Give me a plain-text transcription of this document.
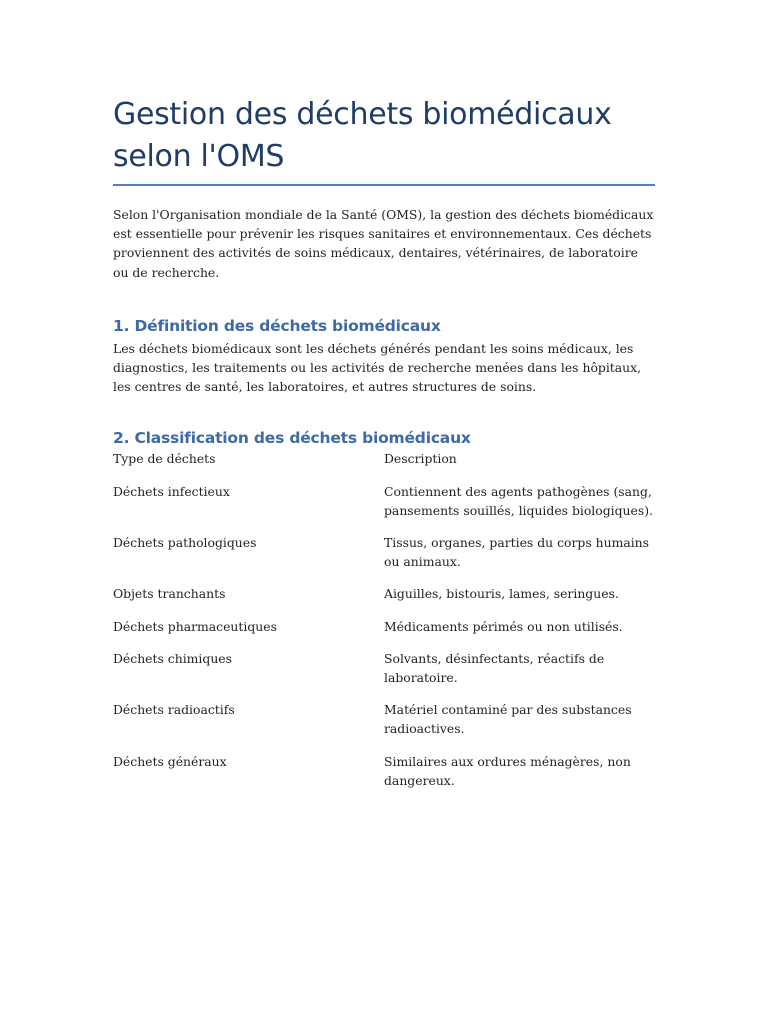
Gestion des déchets biomédicaux selon l'OMS

Selon l'Organisation mondiale de la Santé (OMS), la gestion des déchets biomédicaux est essentielle pour prévenir les risques sanitaires et environnementaux. Ces déchets proviennent des activités de soins médicaux, dentaires, vétérinaires, de laboratoire ou de recherche.

1. Définition des déchets biomédicaux

Les déchets biomédicaux sont les déchets générés pendant les soins médicaux, les diagnostics, les traitements ou les activités de recherche menées dans les hôpitaux, les centres de santé, les laboratoires, et autres structures de soins.

2. Classification des déchets biomédicaux
Type de déchets	Description
Déchets infectieux	Contiennent des agents pathogènes (sang, pansements souillés, liquides biologiques).
Déchets pathologiques	Tissus, organes, parties du corps humains ou animaux.
Objets tranchants	Aiguilles, bistouris, lames, seringues.
Déchets pharmaceutiques	Médicaments périmés ou non utilisés.
Déchets chimiques	Solvants, désinfectants, réactifs de laboratoire.
Déchets radioactifs	Matériel contaminé par des substances radioactives.
Déchets généraux	Similaires aux ordures ménagères, non dangereux.
